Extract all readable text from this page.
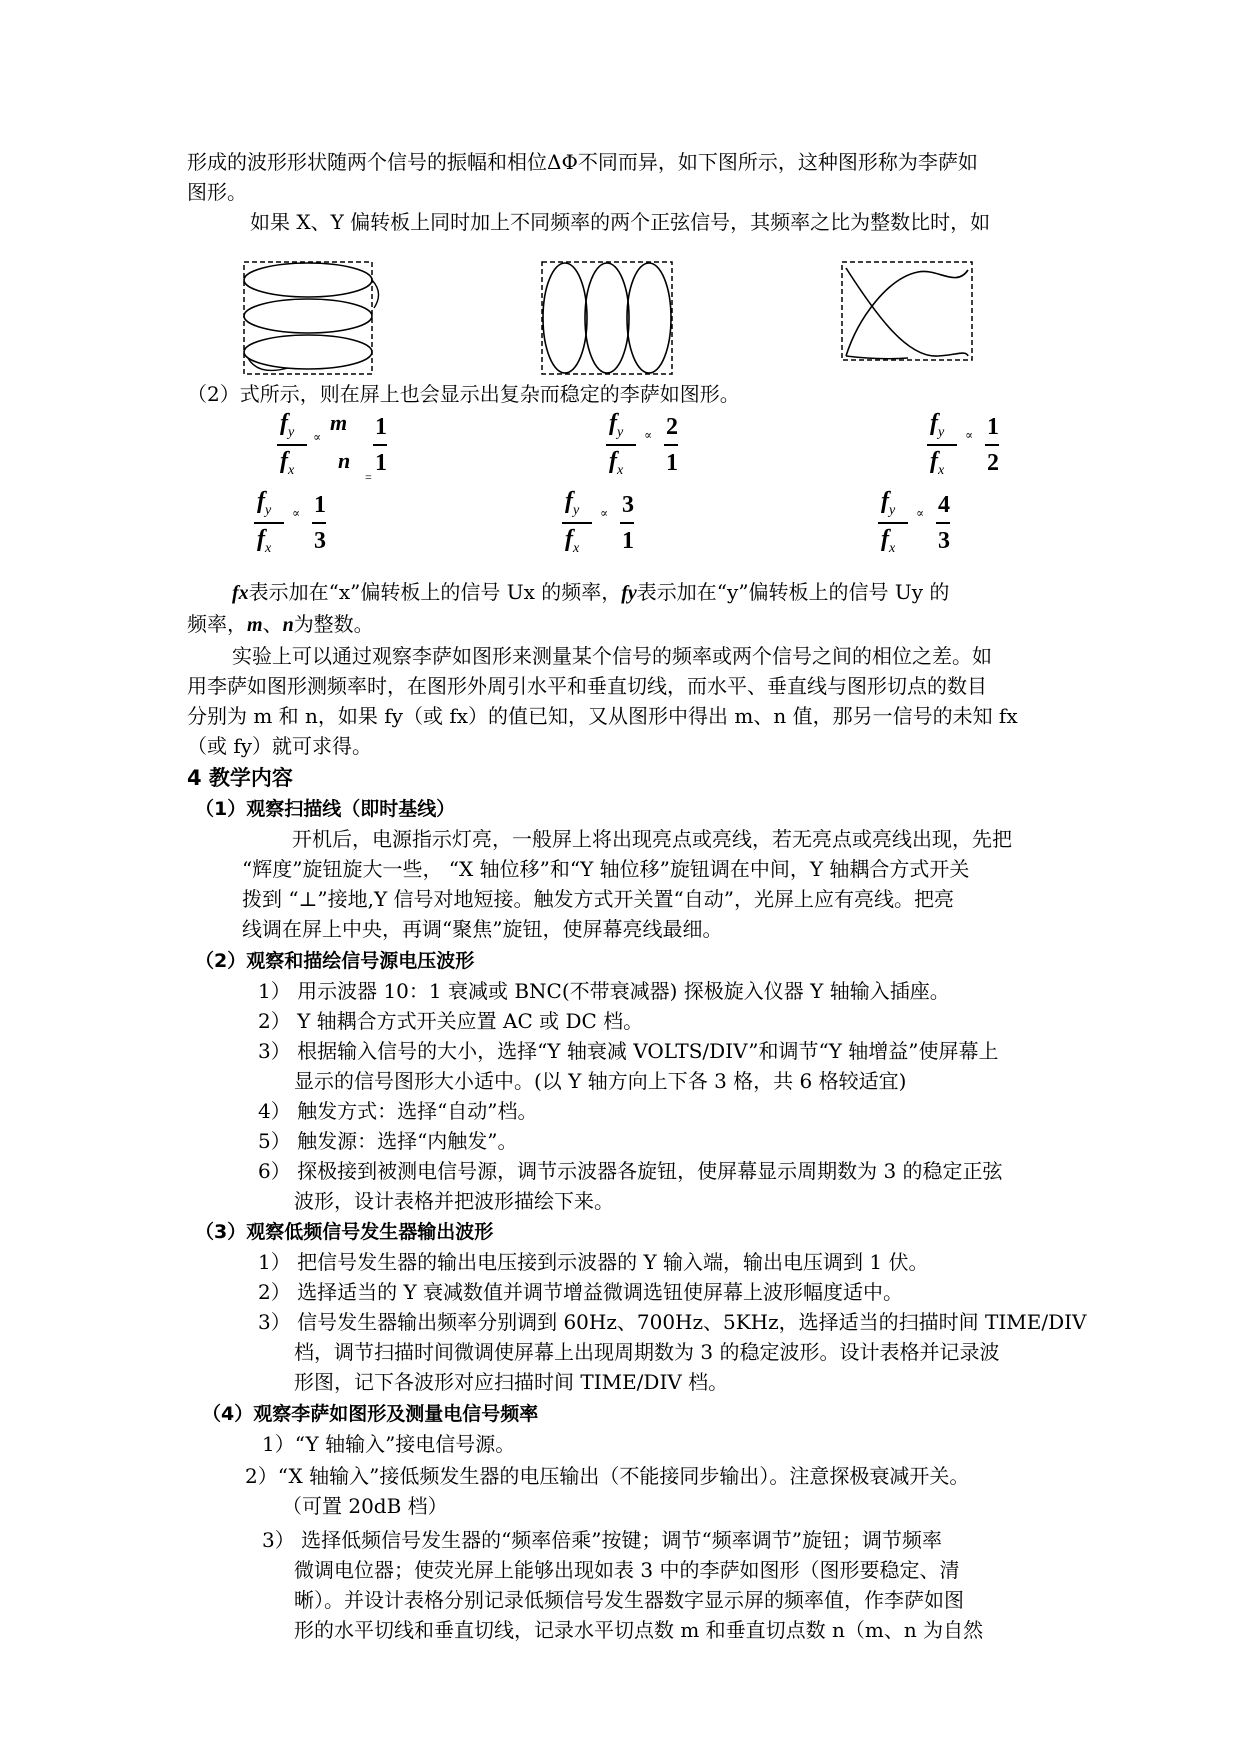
形成的波形形状随两个信号的振幅和相位ΔΦ不同而异，如下图所示，这种图形称为李萨如
图形。
如果 X、Y 偏转板上同时加上不同频率的两个正弦信号，其频率之比为整数比时，如
（2）式所示，则在屏上也会显示出复杂而稳定的李萨如图形。
$f_y$
$f_x$
∝
m
n
=
1
1
$f_y$
$f_x$
∝ 2
1
$f_y$
$f_x$
∝ 1
2
$f_y$
$f_x$
∝ 1
3
$f_y$
$f_x$
∝ 3
1
$f_y$
$f_x$
∝ 4
3
fx表示加在“x”偏转板上的信号 Ux 的频率，fy表示加在“y”偏转板上的信号 Uy 的
频率，m、n为整数。
实验上可以通过观察李萨如图形来测量某个信号的频率或两个信号之间的相位之差。如
用李萨如图形测频率时，在图形外周引水平和垂直切线，而水平、垂直线与图形切点的数目
分别为 m 和 n，如果 fy（或 fx）的值已知，又从图形中得出 m、n 值，那另一信号的未知 fx
（或 fy）就可求得。
4 教学内容
（1）观察扫描线（即时基线）
开机后，电源指示灯亮，一般屏上将出现亮点或亮线，若无亮点或亮线出现，先把
“辉度”旋钮旋大一些， “X 轴位移”和“Y 轴位移”旋钮调在中间，Y 轴耦合方式开关
拨到 “⊥”接地,Y 信号对地短接。触发方式开关置“自动”，光屏上应有亮线。把亮
线调在屏上中央，再调“聚焦”旋钮，使屏幕亮线最细。
（2）观察和描绘信号源电压波形
1） 用示波器 10：1 衰减或 BNC(不带衰减器) 探极旋入仪器 Y 轴输入插座。
2） Y 轴耦合方式开关应置 AC 或 DC 档。
3） 根据输入信号的大小，选择“Y 轴衰减 VOLTS/DIV”和调节“Y 轴增益”使屏幕上
显示的信号图形大小适中。(以 Y 轴方向上下各 3 格，共 6 格较适宜)
4） 触发方式：选择“自动”档。
5） 触发源：选择“内触发”。
6） 探极接到被测电信号源，调节示波器各旋钮，使屏幕显示周期数为 3 的稳定正弦
波形，设计表格并把波形描绘下来。
（3）观察低频信号发生器输出波形
1） 把信号发生器的输出电压接到示波器的 Y 输入端，输出电压调到 1 伏。
2） 选择适当的 Y 衰减数值并调节增益微调选钮使屏幕上波形幅度适中。
3） 信号发生器输出频率分别调到 60Hz、700Hz、5KHz，选择适当的扫描时间 TIME/DIV
档，调节扫描时间微调使屏幕上出现周期数为 3 的稳定波形。设计表格并记录波
形图，记下各波形对应扫描时间 TIME/DIV 档。
（4）观察李萨如图形及测量电信号频率
1）“Y 轴输入”接电信号源。
2）“X 轴输入”接低频发生器的电压输出（不能接同步输出）。注意探极衰减开关。
（可置 20dB 档）
3） 选择低频信号发生器的“频率倍乘”按键；调节“频率调节”旋钮；调节频率
微调电位器；使荧光屏上能够出现如表 3 中的李萨如图形（图形要稳定、清
晰）。并设计表格分别记录低频信号发生器数字显示屏的频率值，作李萨如图
形的水平切线和垂直切线，记录水平切点数 m 和垂直切点数 n（m、n 为自然
